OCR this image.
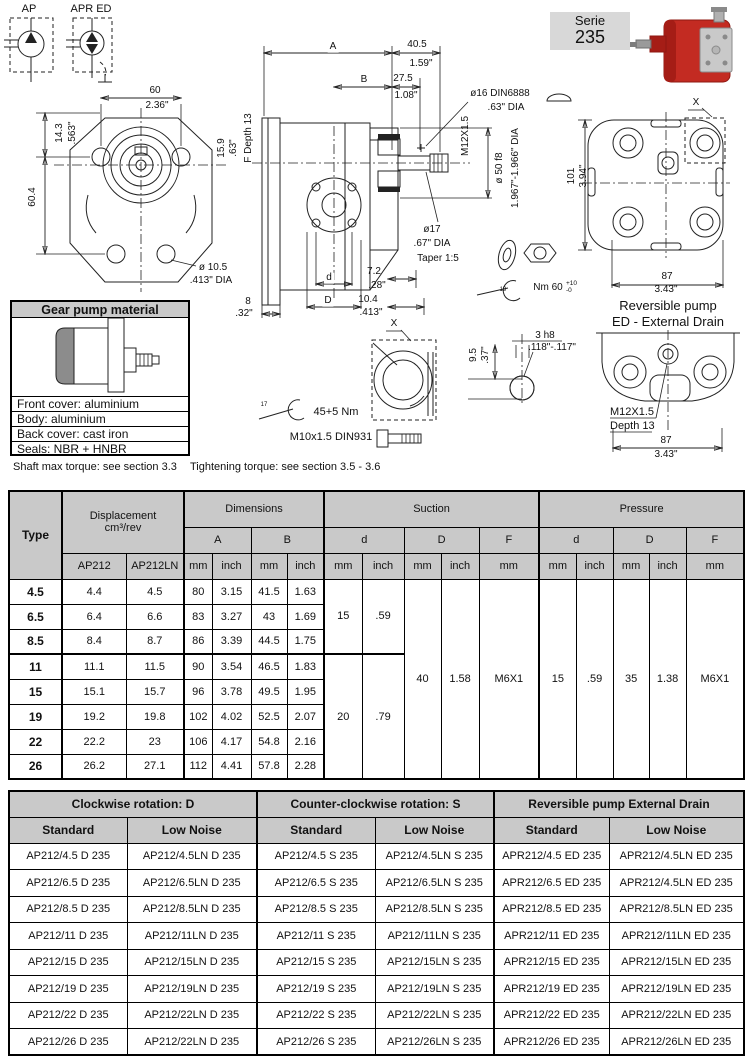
AP	APR ED
Serie
235
60
2.36"
14.3 .563"
60.4
ø 10.5
.413" DIA
15.9 .63" F Depth 13
A
B
40.5
1.59"
27.5
1.08"	ø16 DIN6888
.63" DIA
M12X1.5
ø 50 f8 1.967"-1.966" DIA
ø17
.67" DIA
Taper 1:5
19	Nm 60 +10
-0
7.2
.28"
10.4
.413"
8
.32"
d
D
X
X
101 3.94"
87
3.43"
Reversible pump
ED - External Drain
M12X1.5
Depth 13
87
3.43"
3 h8
.118"-.117"
9.5 .37"
17
45+5 Nm
M10x1.5 DIN931
Gear pump material
Front cover: aluminium
Body: aluminium
Back cover: cast iron
Seals: NBR + HNBR
Shaft max torque: see section 3.3 Tightening torque: see section 3.5 - 3.6
Type	Displacement
cm³/rev		Dimensions				Suction					Pressure				
			A		B		d		D		F	d		D		F
	AP212	AP212LN	mm	inch	mm	inch	mm	inch	mm	inch	mm	mm	inch	mm	inch	mm
4.5	4.4	4.5	80	3.15	41.5	1.63	15	.59	40	1.58	M6X1	15	.59	35	1.38	M6X1
6.5	6.4	6.6	83	3.27	43	1.69										
8.5	8.4	8.7	86	3.39	44.5	1.75										
11	11.1	11.5	90	3.54	46.5	1.83	20	.79								
15	15.1	15.7	96	3.78	49.5	1.95										
19	19.2	19.8	102	4.02	52.5	2.07										
22	22.2	23	106	4.17	54.8	2.16										
26	26.2	27.1	112	4.41	57.8	2.28										
Clockwise rotation: D		Counter-clockwise rotation: S		Reversible pump External Drain	
Standard	Low Noise	Standard	Low Noise	Standard	Low Noise
AP212/4.5 D 235	AP212/4.5LN D 235	AP212/4.5 S 235	AP212/4.5LN S 235	APR212/4.5 ED 235	APR212/4.5LN ED 235
AP212/6.5 D 235	AP212/6.5LN D 235	AP212/6.5 S 235	AP212/6.5LN S 235	APR212/6.5 ED 235	APR212/4.5LN ED 235
AP212/8.5 D 235	AP212/8.5LN D 235	AP212/8.5 S 235	AP212/8.5LN S 235	APR212/8.5 ED 235	APR212/8.5LN ED 235
AP212/11 D 235	AP212/11LN D 235	AP212/11 S 235	AP212/11LN S 235	APR212/11 ED 235	APR212/11LN ED 235
AP212/15 D 235	AP212/15LN D 235	AP212/15 S 235	AP212/15LN S 235	APR212/15 ED 235	APR212/15LN ED 235
AP212/19 D 235	AP212/19LN D 235	AP212/19 S 235	AP212/19LN S 235	APR212/19 ED 235	APR212/19LN ED 235
AP212/22 D 235	AP212/22LN D 235	AP212/22 S 235	AP212/22LN S 235	APR212/22 ED 235	APR212/22LN ED 235
AP212/26 D 235	AP212/22LN D 235	AP212/26 S 235	AP212/26LN S 235	APR212/26 ED 235	APR212/26LN ED 235
